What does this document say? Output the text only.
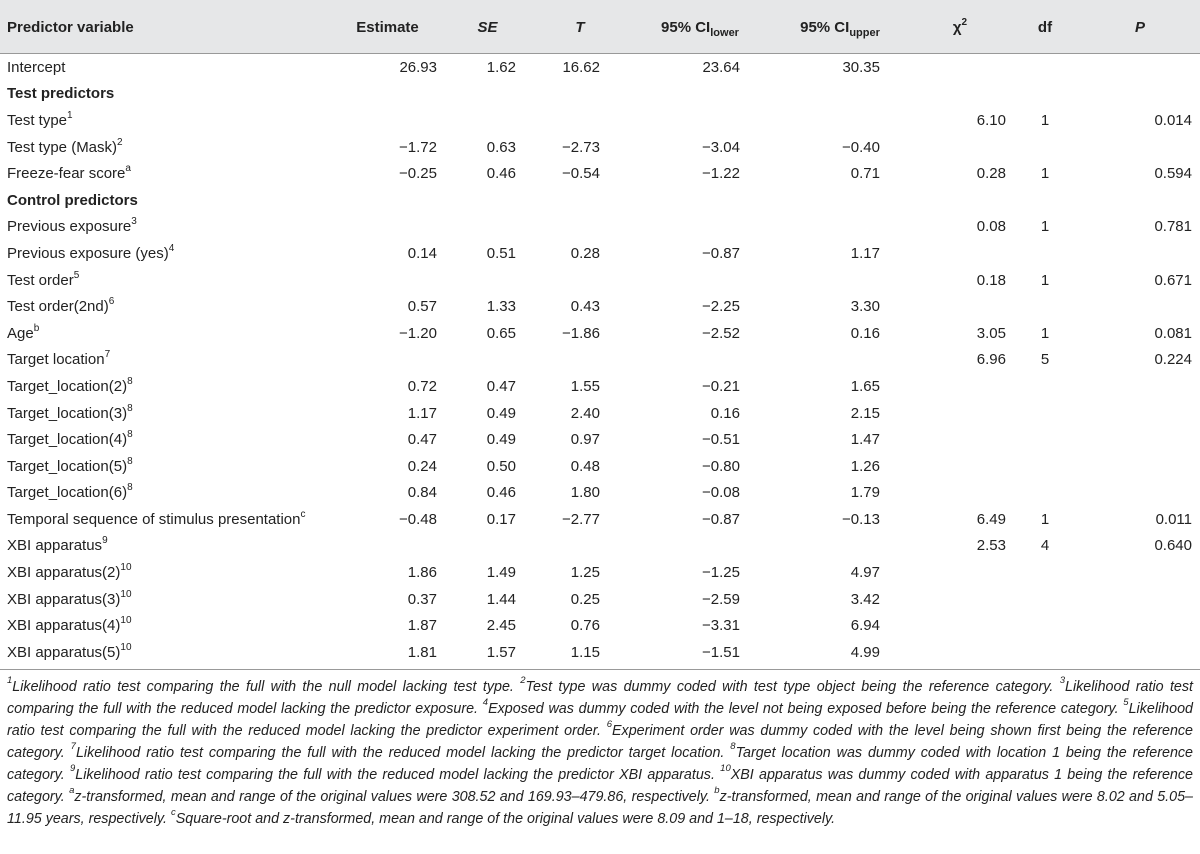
Predictor variable	Estimate	SE	T	95% $CI_{lower}$	95% $CI_{upper}$	$\chi^2$	df	P
Intercept	26.93	1.62	16.62	23.64	30.35			
Test predictors								
Test type$^1$						6.10	1	0.014
Test type (Mask)$^2$	−1.72	0.63	−2.73	−3.04	−0.40			
Freeze-fear score$^a$	−0.25	0.46	−0.54	−1.22	0.71	0.28	1	0.594
Control predictors								
Previous exposure$^3$						0.08	1	0.781
Previous exposure (yes)$^4$	0.14	0.51	0.28	−0.87	1.17			
Test order$^5$						0.18	1	0.671
Test $order(2nd)^6$	0.57	1.33	0.43	−2.25	3.30			
Age$^b$	−1.20	0.65	−1.86	−2.52	0.16	3.05	1	0.081
Target location$^7$						6.96	5	0.224
$Target\_location(2)^8$	0.72	0.47	1.55	−0.21	1.65			
$Target\_location(3)^8$	1.17	0.49	2.40	0.16	2.15			
$Target\_location(4)^8$	0.47	0.49	0.97	−0.51	1.47			
$Target\_location(5)^8$	0.24	0.50	0.48	−0.80	1.26			
$Target\_location(6)^8$	0.84	0.46	1.80	−0.08	1.79			
Temporal sequence of stimulus presentation$^c$	−0.48	0.17	−2.77	−0.87	−0.13	6.49	1	0.011
XBI apparatus$^9$						2.53	4	0.640
XBI $apparatus(2)^{10}$	1.86	1.49	1.25	−1.25	4.97			
XBI $apparatus(3)^{10}$	0.37	1.44	0.25	−2.59	3.42			
XBI $apparatus(4)^{10}$	1.87	2.45	0.76	−3.31	6.94			
XBI $apparatus(5)^{10}$	1.81	1.57	1.15	−1.51	4.99			
$^1$Likelihood ratio test comparing the full with the null model lacking test type. $^2$Test type was dummy coded with test type object being the reference category. $^3$Likelihood ratio test comparing the full with the reduced model lacking the predictor exposure. $^4$Exposed was dummy coded with the level not being exposed before being the reference category. $^5$Likelihood ratio test comparing the full with the reduced model lacking the predictor experiment order. $^6$Experiment order was dummy coded with the level being shown first being the reference category. $^7$Likelihood ratio test comparing the full with the reduced model lacking the predictor target location. $^8$Target location was dummy coded with location 1 being the reference category. $^9$Likelihood ratio test comparing the full with the reduced model lacking the predictor XBI apparatus. $^{10}$XBI apparatus was dummy coded with apparatus 1 being the reference category. $^a$z-transformed, mean and range of the original values were 308.52 and 169.93–479.86, respectively. $^b$z-transformed, mean and range of the original values were 8.02 and 5.05–11.95 years, respectively. $^c$Square-root and z-transformed, mean and range of the original values were 8.09 and 1–18, respectively.
